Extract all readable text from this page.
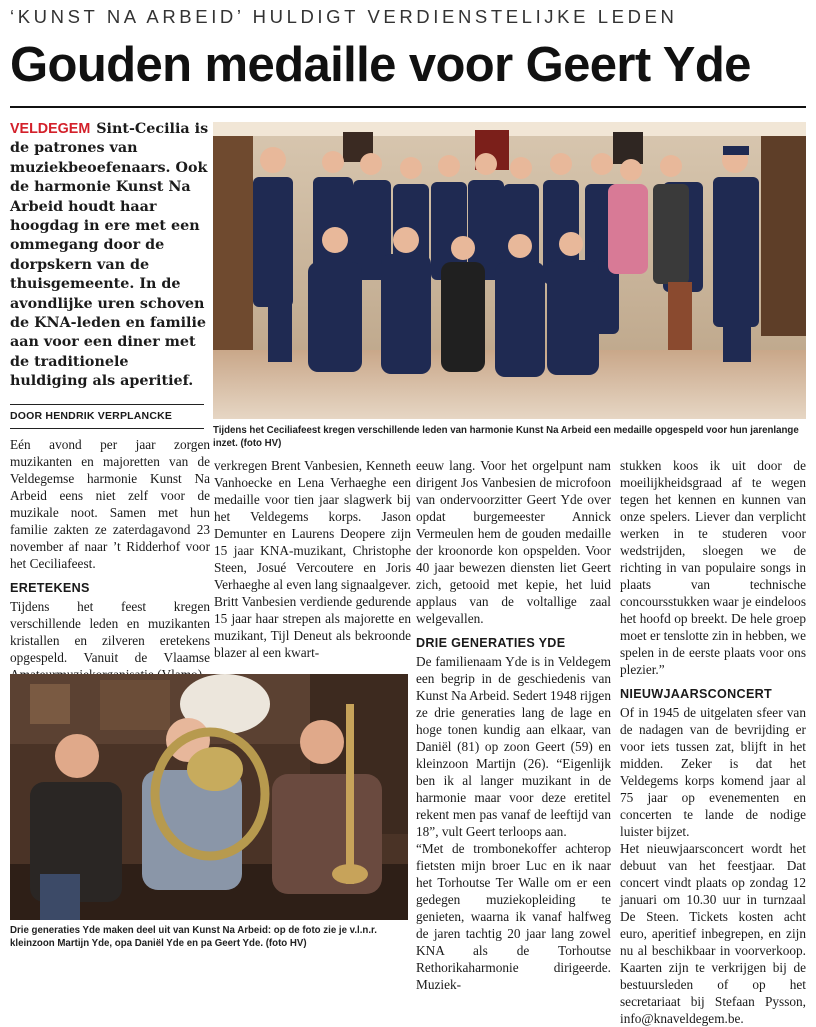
‘KUNST NA ARBEID’ HULDIGT VERDIENSTELIJKE LEDEN
Gouden medaille voor Geert Yde
VELDEGEM Sint-Cecilia is de patrones van muziekbeoefenaars. Ook de harmonie Kunst Na Arbeid houdt haar hoogdag in ere met een ommegang door de dorpskern van de thuisgemeente. In de avondlijke uren schoven de KNA-leden en familie aan voor een diner met de traditionele huldiging als aperitief.
DOOR HENDRIK VERPLANCKE
Tijdens het Ceciliafeest kregen verschillende leden van harmonie Kunst Na Arbeid een medaille opgespeld voor hun jarenlange inzet. (foto HV)

Eén avond per jaar zorgen muzikanten en majoretten van de Veldegemse harmonie Kunst Na Arbeid eens niet zelf voor de muzikale noot. Samen met hun familie zakten ze zaterdagavond 23 november af naar ’t Ridderhof voor het Ceciliafeest.

ERETEKENS

Tijdens het feest kregen verschillende leden en muzikanten kristallen en zilveren eretekens opgespeld. Vanuit de Vlaamse

verkregen Brent Vanbesien, Kenneth Vanhoecke en Lena Verhaeghe een medaille voor tien jaar slagwerk bij het Veldegems korps. Jason Demunter en Laurens Deopere zijn 15 jaar KNA-muzikant, Christophe Steen, Josué Vercoutere en Joris Verhaeghe al even lang signaalgever.

Britt Vanbesien verdiende gedurende 15 jaar haar strepen als majorette en muzikant, Tijl Deneut als bekroonde blazer al een kwart-

eeuw lang. Voor het orgelpunt nam dirigent Jos Vanbesien de microfoon van ondervoorzitter Geert Yde over opdat burgemeester Annick Vermeulen hem de gouden medaille der kroonorde kon opspelden. Voor 40 jaar bewezen diensten liet Geert zich, getooid met kepie, het luid applaus van de voltallige zaal welgevallen.

DRIE GENERATIES YDE

De familienaam Yde is in Veldegem een begrip in de geschiedenis van Kunst Na Arbeid. Sedert 1948 rijgen ze drie generaties lang de lage en hoge tonen kundig aan elkaar, van Daniël (81) op zoon Geert (59) en kleinzoon Martijn (26). “Eigenlijk ben ik al langer muzikant in de harmonie maar voor deze eretitel rekent men pas vanaf de leeftijd van 18”, vult Geert terloops aan.

“Met de trombonekoffer achterop fietsten mijn broer Luc en ik naar het Torhoutse Ter Walle om er een gedegen muziekopleiding te genieten, waarna ik vanaf halfweg de jaren tachtig 20 jaar lang zowel KNA als de Torhoutse Rethorikaharmonie dirigeerde. Muziek-

stukken koos ik uit door de moeilijkheidsgraad af te wegen tegen het kennen en kunnen van onze spelers. Liever dan verplicht werken in te studeren voor wedstrijden, sloegen we de richting in van populaire songs in plaats van technische concoursstukken waar je eindeloos het hoofd op breekt. De hele groep moet er tenslotte zin in hebben, we spelen in de eerste plaats voor ons plezier.”

NIEUWJAARSCONCERT

Of in 1945 de uitgelaten sfeer van de nadagen van de bevrijding er voor iets tussen zat, blijft in het midden. Zeker is dat het Veldegems korps komend jaar al 75 jaar op evenementen en concerten te lande de nodige luister bijzet.

Het nieuwjaarsconcert wordt het debuut van het feestjaar. Dat concert vindt plaats op zondag 12 januari om 10.30 uur in turnzaal De Steen. Tickets kosten acht euro, aperitief inbegrepen, en zijn nu al beschikbaar in voorverkoop. Kaarten zijn te verkrijgen bij de bestuursleden of op het secretariaat bij Stefaan Pysson, info@knaveldegem.be.

Drie generaties Yde maken deel uit van Kunst Na Arbeid: op de foto zie je v.l.n.r. kleinzoon Martijn Yde, opa Daniël Yde en pa Geert Yde. (foto HV)
